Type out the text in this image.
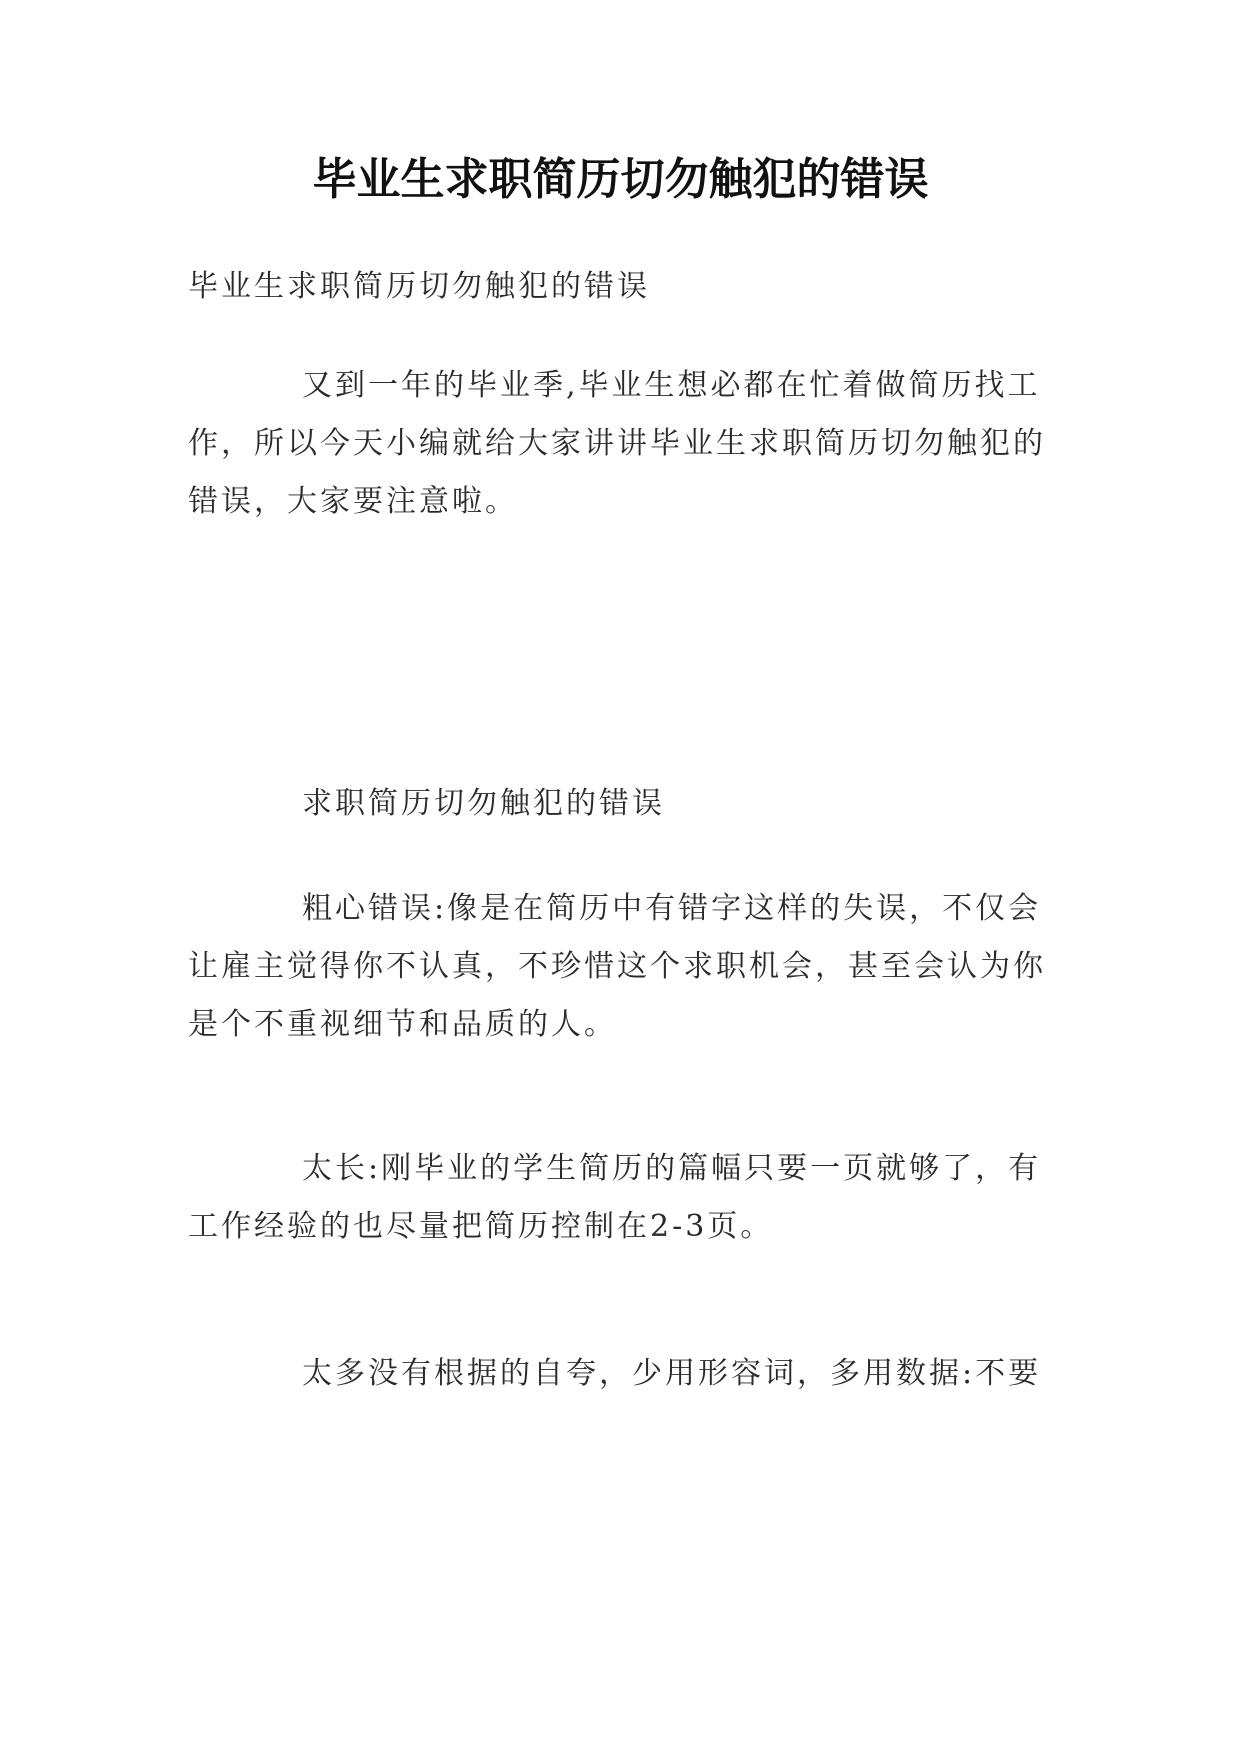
毕业生求职简历切勿触犯的错误

毕业生求职简历切勿触犯的错误

又到一年的毕业季,毕业生想必都在忙着做简历找工作，所以今天小编就给大家讲讲毕业生求职简历切勿触犯的错误，大家要注意啦。

求职简历切勿触犯的错误

粗心错误:像是在简历中有错字这样的失误，不仅会让雇主觉得你不认真，不珍惜这个求职机会，甚至会认为你是个不重视细节和品质的人。

太长:刚毕业的学生简历的篇幅只要一页就够了，有工作经验的也尽量把简历控制在2-3页。

太多没有根据的自夸，少用形容词，多用数据:不要
